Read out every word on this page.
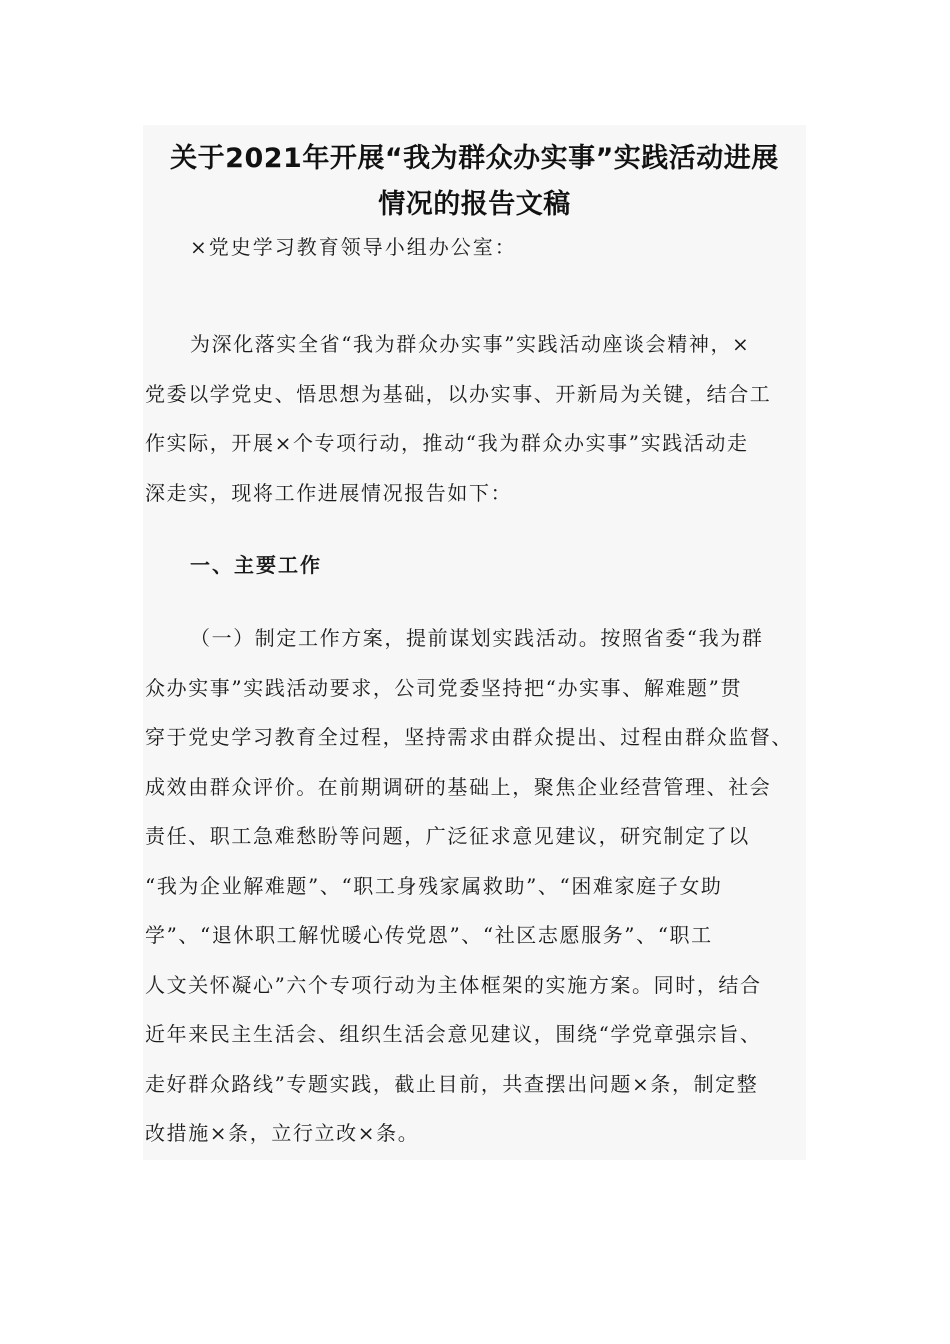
关于2021年开展“我为群众办实事”实践活动进展
情况的报告文稿

×党史学习教育领导小组办公室：

为深化落实全省“我为群众办实事”实践活动座谈会精神，×
党委以学党史、悟思想为基础，以办实事、开新局为关键，结合工
作实际，开展×个专项行动，推动“我为群众办实事”实践活动走
深走实，现将工作进展情况报告如下：

一、主要工作

（一）制定工作方案，提前谋划实践活动。按照省委“我为群
众办实事”实践活动要求，公司党委坚持把“办实事、解难题”贯
穿于党史学习教育全过程，坚持需求由群众提出、过程由群众监督、
成效由群众评价。在前期调研的基础上，聚焦企业经营管理、社会
责任、职工急难愁盼等问题，广泛征求意见建议，研究制定了以
“我为企业解难题”、“职工身残家属救助”、“困难家庭子女助
学”、“退休职工解忧暖心传党恩”、“社区志愿服务”、“职工
人文关怀凝心”六个专项行动为主体框架的实施方案。同时，结合
近年来民主生活会、组织生活会意见建议，围绕“学党章强宗旨、
走好群众路线”专题实践，截止目前，共查摆出问题×条，制定整
改措施×条，立行立改×条。
